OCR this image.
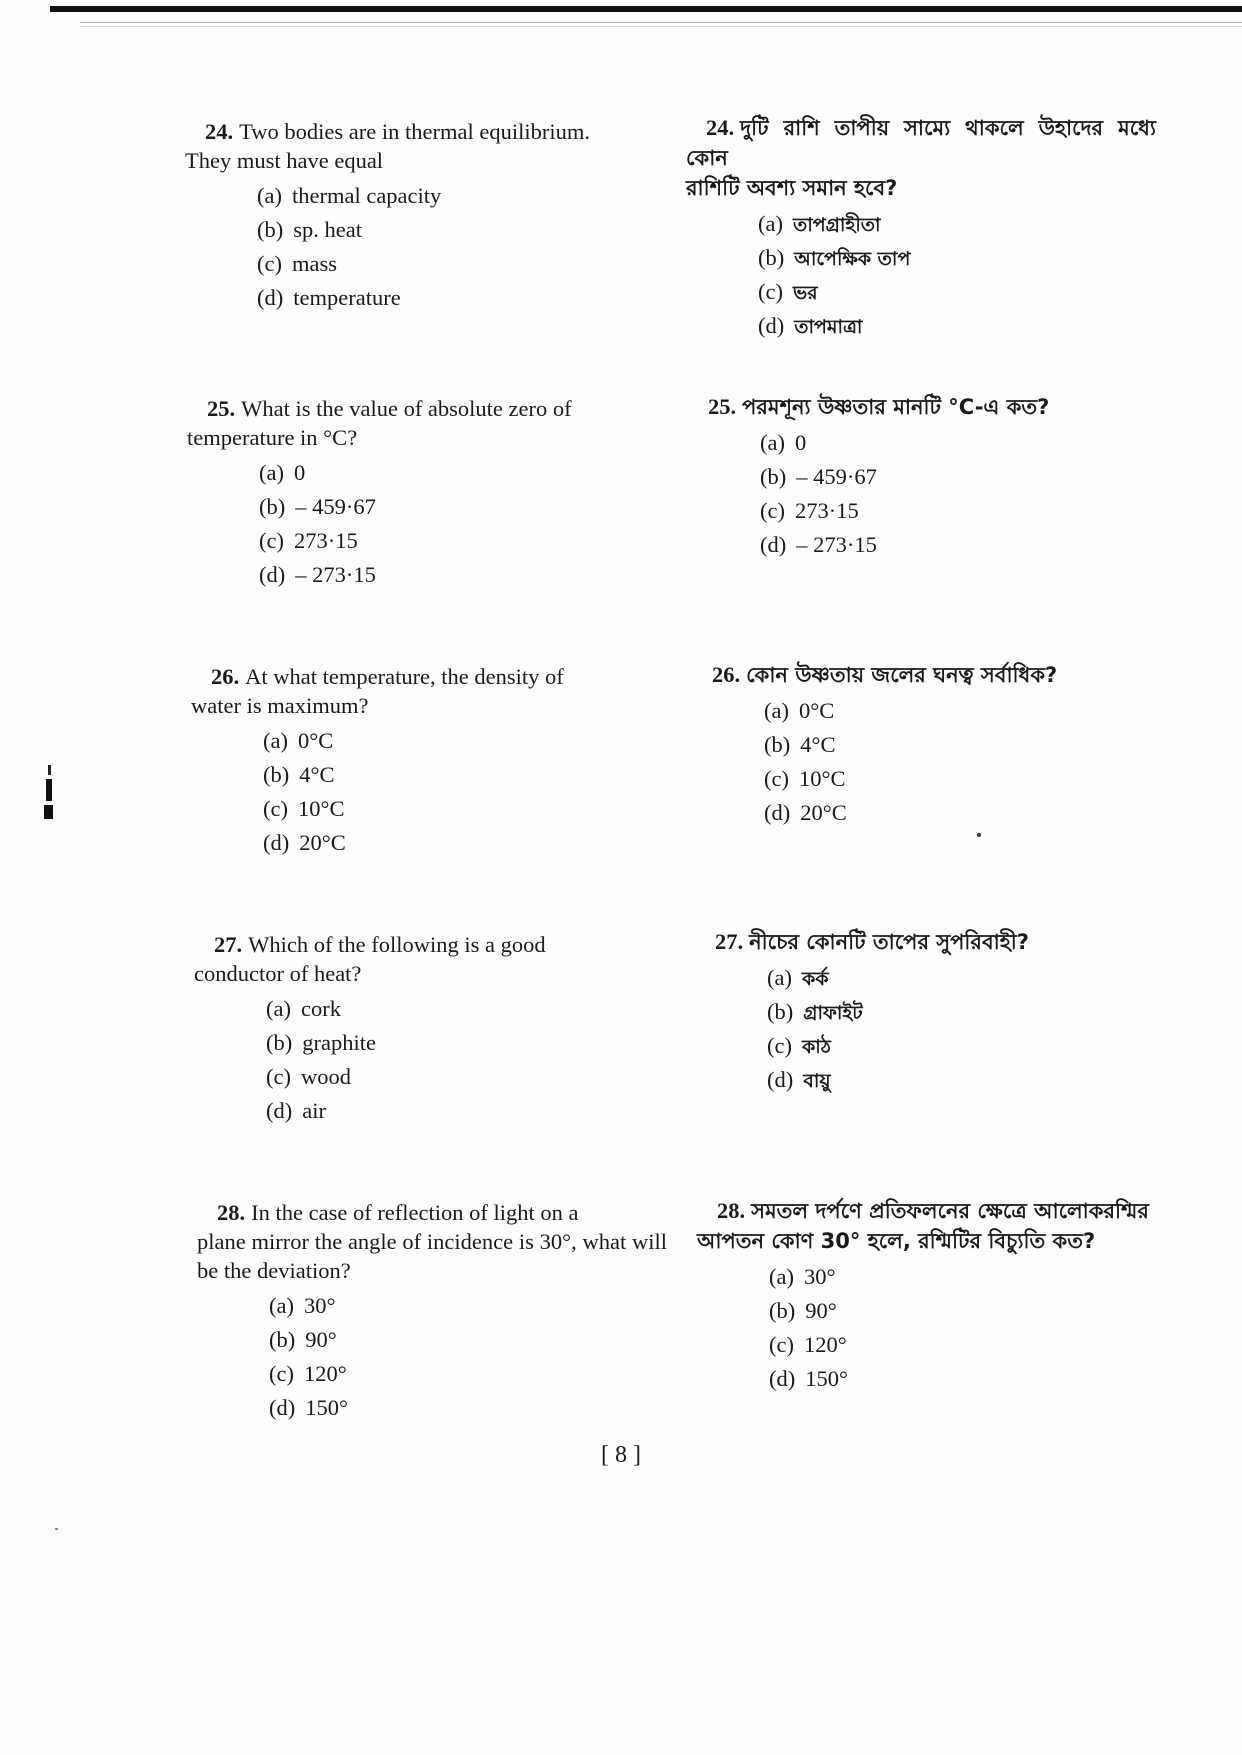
24. Two bodies are in thermal equilibrium.
They must have equal
(a) thermal capacity
(b) sp. heat
(c) mass
(d) temperature
25. What is the value of absolute zero of
temperature in °C?
(a) 0
(b) – 459·67
(c) 273·15
(d) – 273·15
26. At what temperature, the density of
water is maximum?
(a) 0°C
(b) 4°C
(c) 10°C
(d) 20°C
27. Which of the following is a good
conductor of heat?
(a) cork
(b) graphite
(c) wood
(d) air
28. In the case of reflection of light on a
plane mirror the angle of incidence is 30°, what will be the deviation?
(a) 30°
(b) 90°
(c) 120°
(d) 150°
24. দুটি রাশি তাপীয় সাম্যে থাকলে উহাদের মধ্যে কোন
রাশিটি অবশ্য সমান হবে?
(a) তাপগ্রাহীতা
(b) আপেক্ষিক তাপ
(c) ভর
(d) তাপমাত্রা
25. পরমশূন্য উষ্ণতার মানটি °C-এ কত?
(a) 0
(b) – 459·67
(c) 273·15
(d) – 273·15
26. কোন উষ্ণতায় জলের ঘনত্ব সর্বাধিক?
(a) 0°C
(b) 4°C
(c) 10°C
(d) 20°C
27. নীচের কোনটি তাপের সুপরিবাহী?
(a) কর্ক
(b) গ্রাফাইট
(c) কাঠ
(d) বায়ু
28. সমতল দর্পণে প্রতিফলনের ক্ষেত্রে আলোকরশ্মির
আপতন কোণ 30° হলে, রশ্মিটির বিচ্যুতি কত?
(a) 30°
(b) 90°
(c) 120°
(d) 150°
[ 8 ]
